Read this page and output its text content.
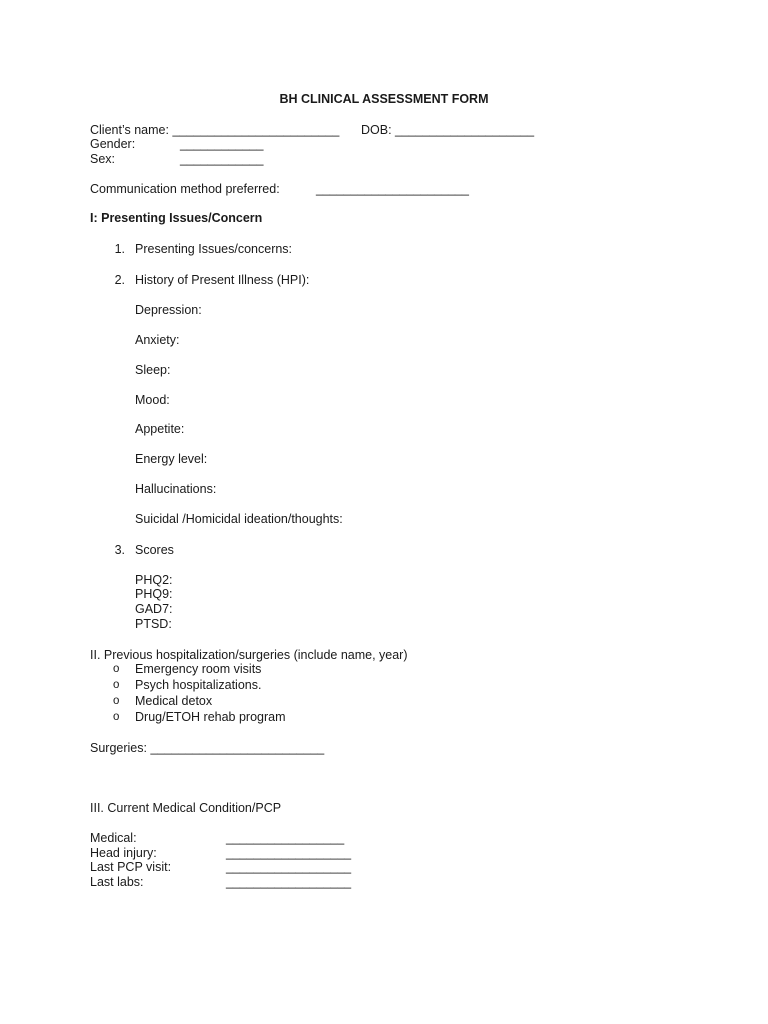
BH CLINICAL ASSESSMENT FORM
Client’s name: ________________________ DOB: ____________________
Gender:	____________
Sex:	____________
Communication method preferred:	______________________
I: Presenting Issues/Concern
1. Presenting Issues/concerns:
2. History of Present Illness (HPI):
Depression:
Anxiety:
Sleep:
Mood:
Appetite:
Energy level:
Hallucinations:
Suicidal /Homicidal ideation/thoughts:
3. Scores
PHQ2:
PHQ9:
GAD7:
PTSD:
II. Previous hospitalization/surgeries (include name, year)
o Emergency room visits
o Psych hospitalizations.
o Medical detox
o Drug/ETOH rehab program
Surgeries: _________________________
III. Current Medical Condition/PCP
Medical:	_________________
Head injury:	__________________
Last PCP visit:	__________________
Last labs:	__________________
